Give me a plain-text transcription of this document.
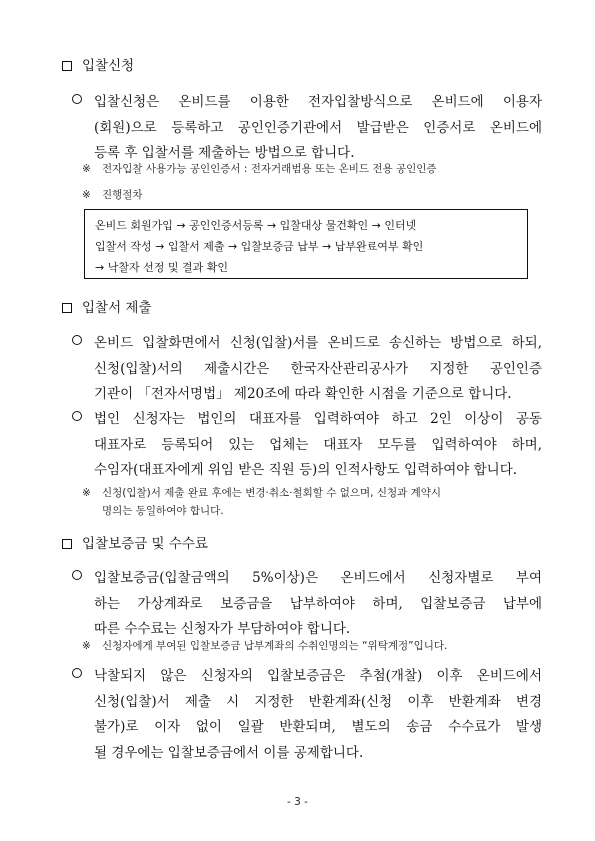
입찰신청

입찰신청은 온비드를 이용한 전자입찰방식으로 온비드에 이용자
(회원)으로 등록하고 공인인증기관에서 발급받은 인증서로 온비드에
등록 후 입찰서를 제출하는 방법으로 합니다.

※ 전자입찰 사용가능 공인인증서 : 전자거래범용 또는 온비드 전용 공인인증
※ 진행절차
온비드 회원가입 → 공인인증서등록 → 입찰대상 물건확인 → 인터넷
입찰서 작성 → 입찰서 제출 → 입찰보증금 납부 → 납부완료여부 확인
→ 낙찰자 선정 및 결과 확인
입찰서 제출

온비드 입찰화면에서 신청(입찰)서를 온비드로 송신하는 방법으로 하되,
신청(입찰)서의 제출시간은 한국자산관리공사가 지정한 공인인증
기관이 「전자서명법」 제20조에 따라 확인한 시점을 기준으로 합니다.

법인 신청자는 법인의 대표자를 입력하여야 하고 2인 이상이 공동
대표자로 등록되어 있는 업체는 대표자 모두를 입력하여야 하며,
수임자(대표자에게 위임 받은 직원 등)의 인적사항도 입력하여야 합니다.

※ 신청(입찰)서 제출 완료 후에는 변경·취소·철회할 수 없으며, 신청과 계약시
명의는 동일하여야 합니다.
입찰보증금 및 수수료

입찰보증금(입찰금액의 5%이상)은 온비드에서 신청자별로 부여
하는 가상계좌로 보증금을 납부하여야 하며, 입찰보증금 납부에
따른 수수료는 신청자가 부담하여야 합니다.

※ 신청자에게 부여된 입찰보증금 납부계좌의 수취인명의는 “위탁계정”입니다.

낙찰되지 않은 신청자의 입찰보증금은 추첨(개찰) 이후 온비드에서
신청(입찰)서 제출 시 지정한 반환계좌(신청 이후 반환계좌 변경
불가)로 이자 없이 일괄 반환되며, 별도의 송금 수수료가 발생
될 경우에는 입찰보증금에서 이를 공제합니다.

- 3 -
